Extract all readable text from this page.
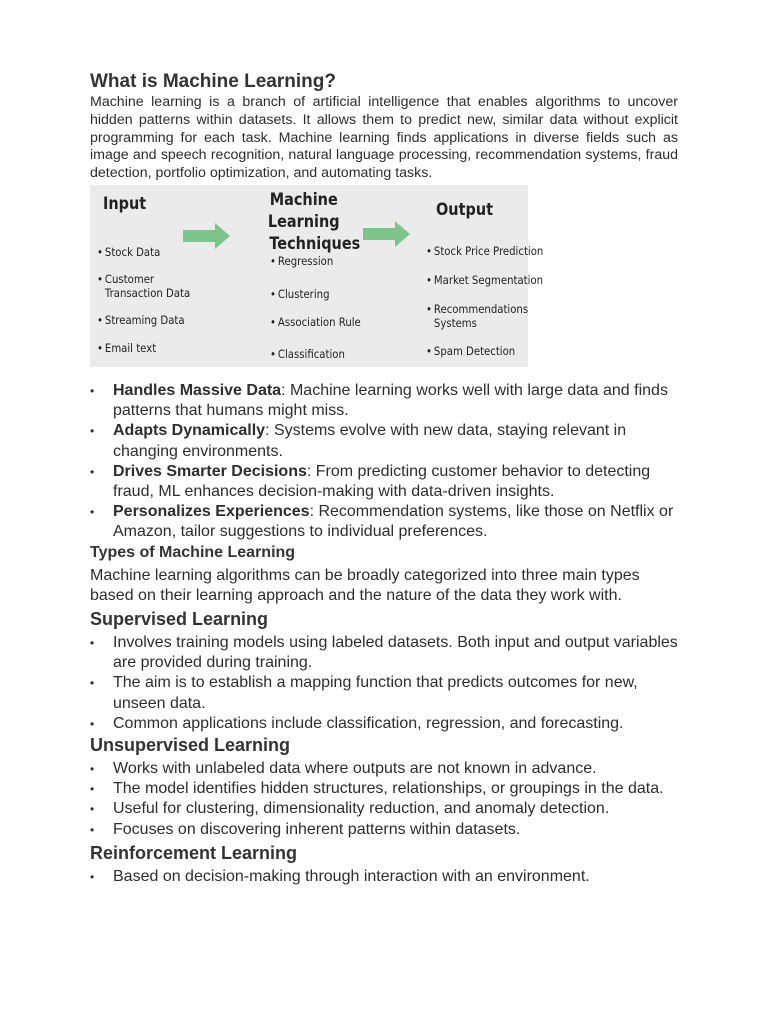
What is Machine Learning?

Machine learning is a branch of artificial intelligence that enables algorithms to uncover hidden patterns within datasets. It allows them to predict new, similar data without explicit programming for each task. Machine learning finds applications in diverse fields such as image and speech recognition, natural language processing, recommendation systems, fraud detection, portfolio optimization, and automating tasks.

Input
• Stock Data
• Customer
Transaction Data
• Streaming Data
• Email text
Machine Learning
Techniques
• Regression
• Clustering
• Association Rule
• Classification
Output
• Stock Price Prediction
• Market Segmentation
• Recommendations
Systems
• Spam Detection
• Handles Massive Data: Machine learning works well with large data and finds patterns that humans might miss.
• Adapts Dynamically: Systems evolve with new data, staying relevant in changing environments.
• Drives Smarter Decisions: From predicting customer behavior to detecting fraud, ML enhances decision-making with data-driven insights.
• Personalizes Experiences: Recommendation systems, like those on Netflix or Amazon, tailor suggestions to individual preferences.
Types of Machine Learning

Machine learning algorithms can be broadly categorized into three main types based on their learning approach and the nature of the data they work with.

Supervised Learning
• Involves training models using labeled datasets. Both input and output variables are provided during training.
• The aim is to establish a mapping function that predicts outcomes for new, unseen data.
• Common applications include classification, regression, and forecasting.
Unsupervised Learning
• Works with unlabeled data where outputs are not known in advance.
• The model identifies hidden structures, relationships, or groupings in the data.
• Useful for clustering, dimensionality reduction, and anomaly detection.
• Focuses on discovering inherent patterns within datasets.
Reinforcement Learning
• Based on decision-making through interaction with an environment.
